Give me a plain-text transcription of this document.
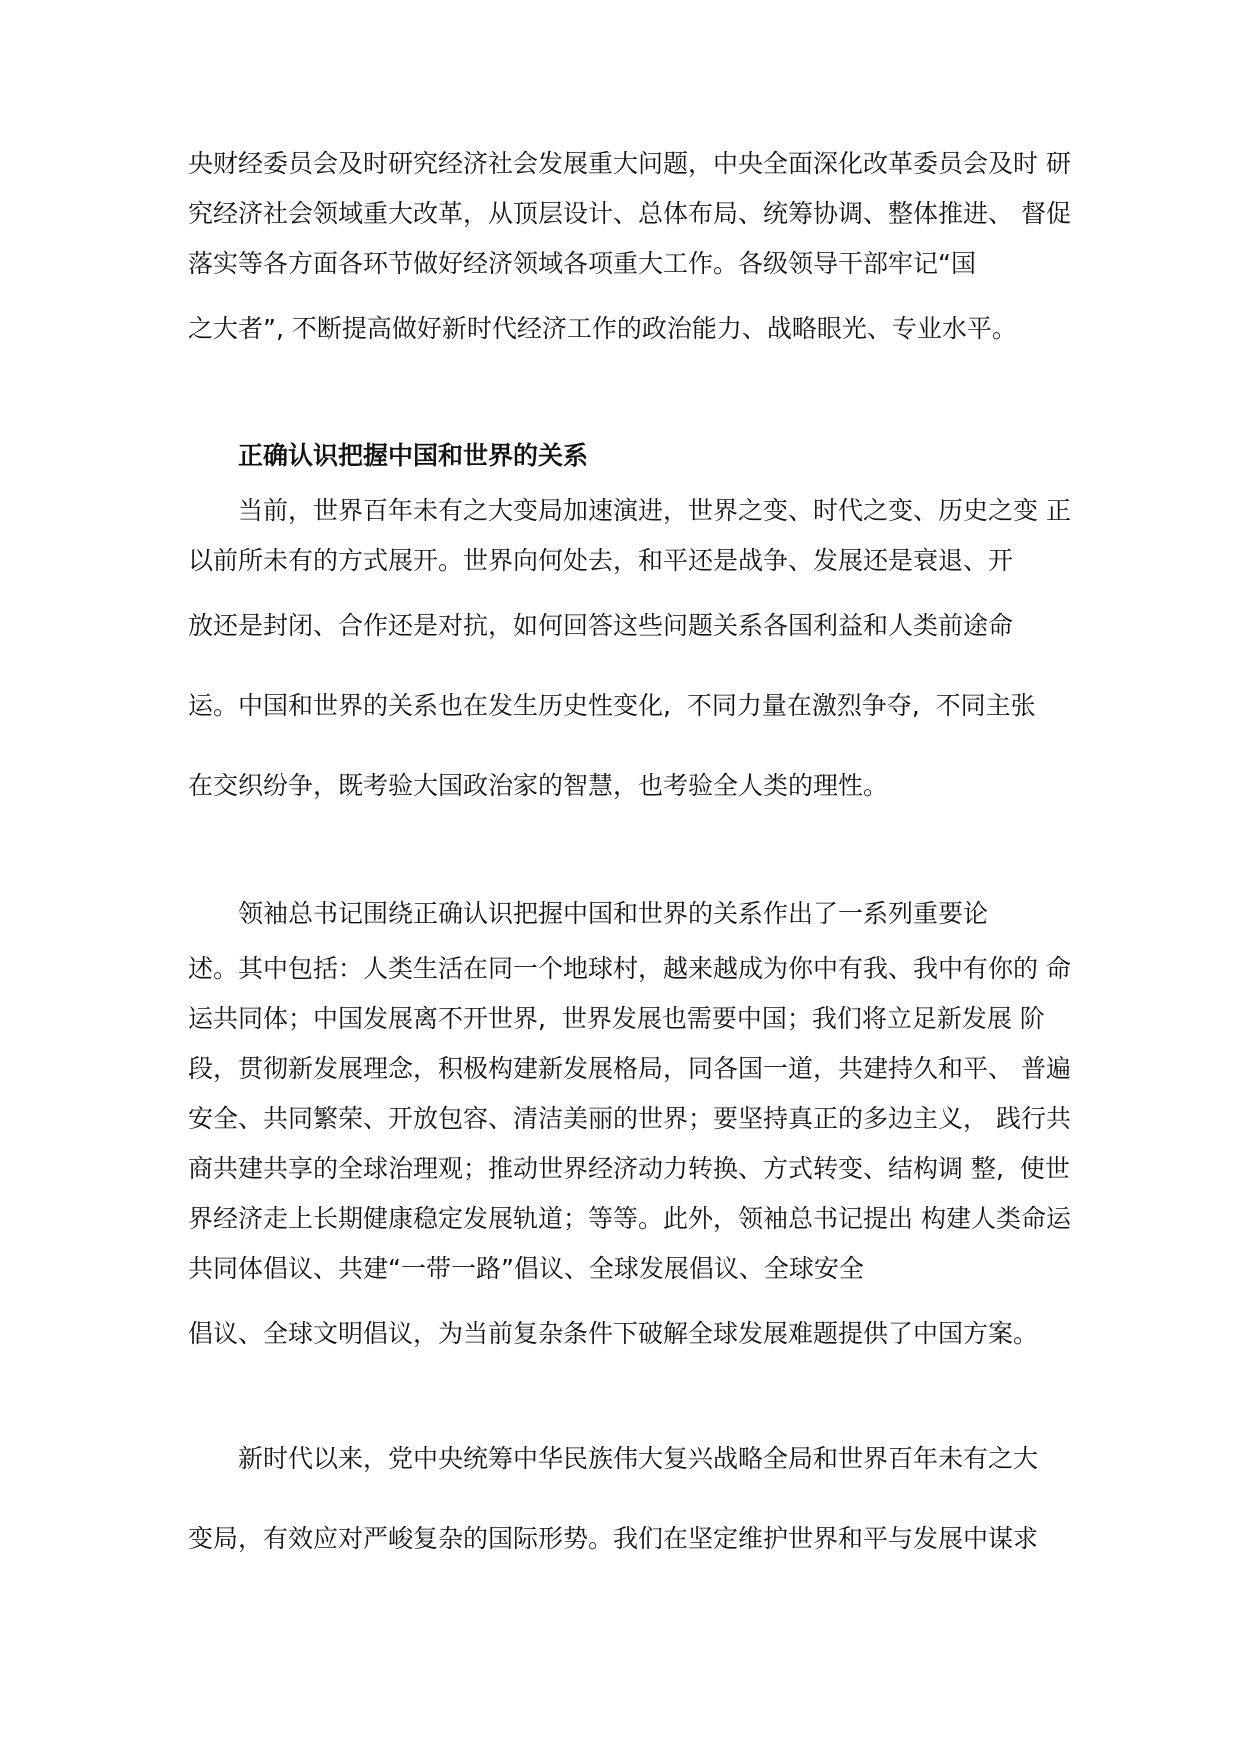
央财经委员会及时研究经济社会发展重大问题，中央全面深化改革委员会及时 研
究经济社会领域重大改革，从顶层设计、总体布局、统筹协调、整体推进、 督促
落实等各方面各环节做好经济领域各项重大工作。各级领导干部牢记“国
之大者”, 不断提高做好新时代经济工作的政治能力、战略眼光、专业水平。
正确认识把握中国和世界的关系
当前，世界百年未有之大变局加速演进，世界之变、时代之变、历史之变 正
以前所未有的方式展开。世界向何处去，和平还是战争、发展还是衰退、开
放还是封闭、合作还是对抗，如何回答这些问题关系各国利益和人类前途命
运。中国和世界的关系也在发生历史性变化,  不同力量在激烈争夺,  不同主张
在交织纷争，既考验大国政治家的智慧，也考验全人类的理性。
领袖总书记围绕正确认识把握中国和世界的关系作出了一系列重要论
述。其中包括：人类生活在同一个地球村，越来越成为你中有我、我中有你的 命
运共同体；中国发展离不开世界,  世界发展也需要中国；我们将立足新发展 阶
段，贯彻新发展理念，积极构建新发展格局，同各国一道，共建持久和平、 普遍
安全、共同繁荣、开放包容、清洁美丽的世界；要坚持真正的多边主义， 践行共
商共建共享的全球治理观；推动世界经济动力转换、方式转变、结构调 整,  使世
界经济走上长期健康稳定发展轨道；等等。此外，领袖总书记提出 构建人类命运
共同体倡议、共建“一带一路”倡议、全球发展倡议、全球安全
倡议、全球文明倡议，为当前复杂条件下破解全球发展难题提供了中国方案。
新时代以来，党中央统筹中华民族伟大复兴战略全局和世界百年未有之大
变局，有效应对严峻复杂的国际形势。我们在坚定维护世界和平与发展中谋求
